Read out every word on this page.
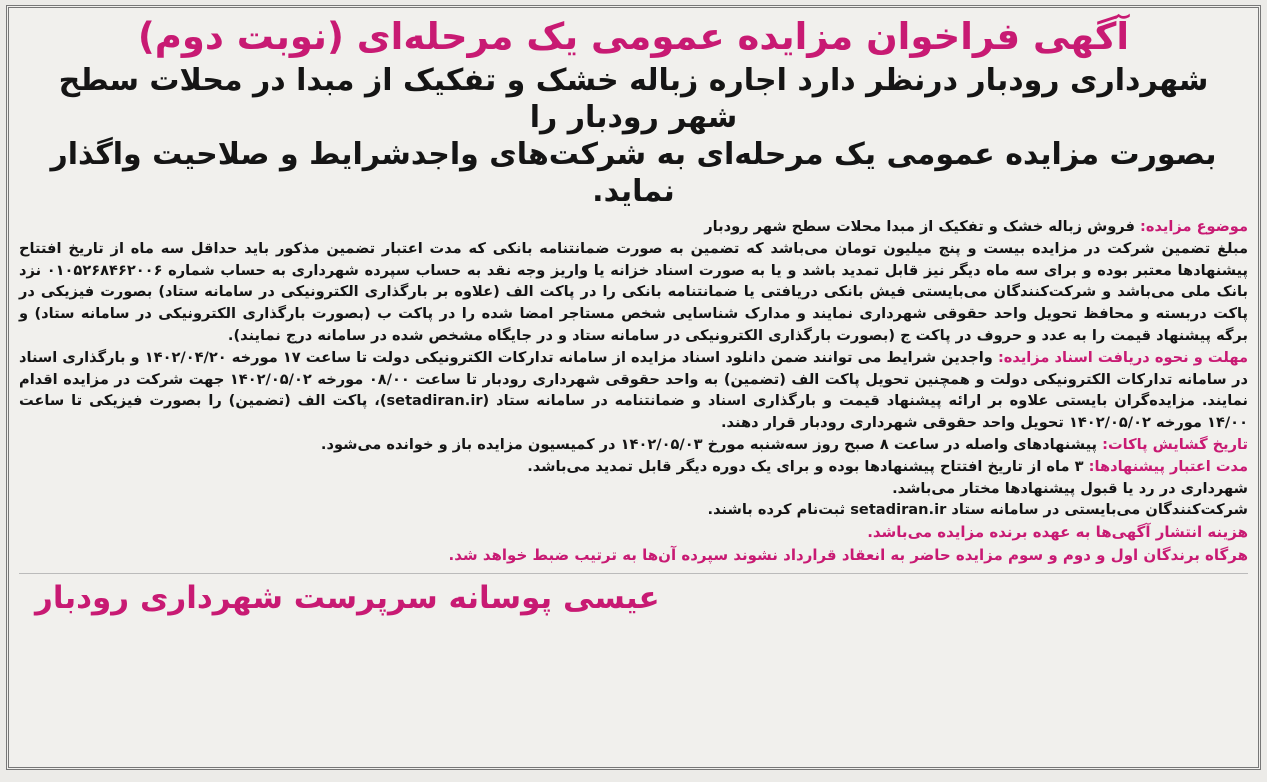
آگهی فراخوان مزایده عمومی یک مرحله‌ای (نوبت دوم)
شهرداری رودبار درنظر دارد اجاره زباله خشک و تفکیک از مبدا در محلات سطح شهر رودبار را
بصورت مزایده عمومی یک مرحله‌ای به شرکت‌های واجدشرایط و صلاحیت واگذار نماید.

موضوع مزایده: فروش زباله خشک و تفکیک از مبدا محلات سطح شهر رودبار

مبلغ تضمین شرکت در مزایده بیست و پنج میلیون تومان می‌باشد که تضمین به صورت ضمانتنامه بانکی که مدت اعتبار تضمین مذکور باید حداقل سه ماه از تاریخ افتتاح پیشنهادها معتبر بوده و برای سه ماه دیگر نیز قابل تمدید باشد و یا به صورت اسناد خزانه یا واریز وجه نقد به حساب سپرده شهرداری به حساب شماره ۰۱۰۵۲۶۸۴۶۲۰۰۶ نزد بانک ملی می‌باشد و شرکت‌کنندگان می‌بایستی فیش بانکی دریافتی یا ضمانتنامه بانکی را در پاکت الف (علاوه بر بارگذاری الکترونیکی در سامانه ستاد) بصورت فیزیکی در پاکت دربسته و محافظ تحویل واحد حقوقی شهرداری نمایند و مدارک شناسایی شخص مستاجر امضا شده را در پاکت ب (بصورت بارگذاری الکترونیکی در سامانه ستاد) و برگه پیشنهاد قیمت را به عدد و حروف در پاکت ج (بصورت بارگذاری الکترونیکی در سامانه ستاد و در جایگاه مشخص شده در سامانه درج نمایند).

مهلت و نحوه دریافت اسناد مزایده: واجدین شرایط می توانند ضمن دانلود اسناد مزایده از سامانه تدارکات الکترونیکی دولت تا ساعت ۱۷ مورخه ۱۴۰۲/۰۴/۲۰ و بارگذاری اسناد در سامانه تدارکات الکترونیکی دولت و همچنین تحویل پاکت الف (تضمین) به واحد حقوقی شهرداری رودبار تا ساعت ۰۸/۰۰ مورخه ۱۴۰۲/۰۵/۰۲ جهت شرکت در مزایده اقدام نمایند. مزایده‌گران بایستی علاوه بر ارائه پیشنهاد قیمت و بارگذاری اسناد و ضمانتنامه در سامانه ستاد (setadiran.ir)، پاکت الف (تضمین) را بصورت فیزیکی تا ساعت ۱۴/۰۰ مورخه ۱۴۰۲/۰۵/۰۲ تحویل واحد حقوقی شهرداری رودبار قرار دهند.

تاریخ گشایش پاکات: پیشنهادهای واصله در ساعت ۸ صبح روز سه‌شنبه مورخ ۱۴۰۲/۰۵/۰۳ در کمیسیون مزایده باز و خوانده می‌شود.

مدت اعتبار پیشنهادها: ۳ ماه از تاریخ افتتاح پیشنهادها بوده و برای یک دوره دیگر قابل تمدید می‌باشد.

شهرداری در رد یا قبول پیشنهادها مختار می‌باشد.

شرکت‌کنندگان می‌بایستی در سامانه ستاد setadiran.ir ثبت‌نام کرده باشند.

هزینه انتشار آگهی‌ها به عهده برنده مزایده می‌باشد.
هرگاه برندگان اول و دوم و سوم مزایده حاضر به انعقاد قرارداد نشوند سپرده آن‌ها به ترتیب ضبط خواهد شد.
عیسی پوسانه سرپرست شهرداری رودبار
